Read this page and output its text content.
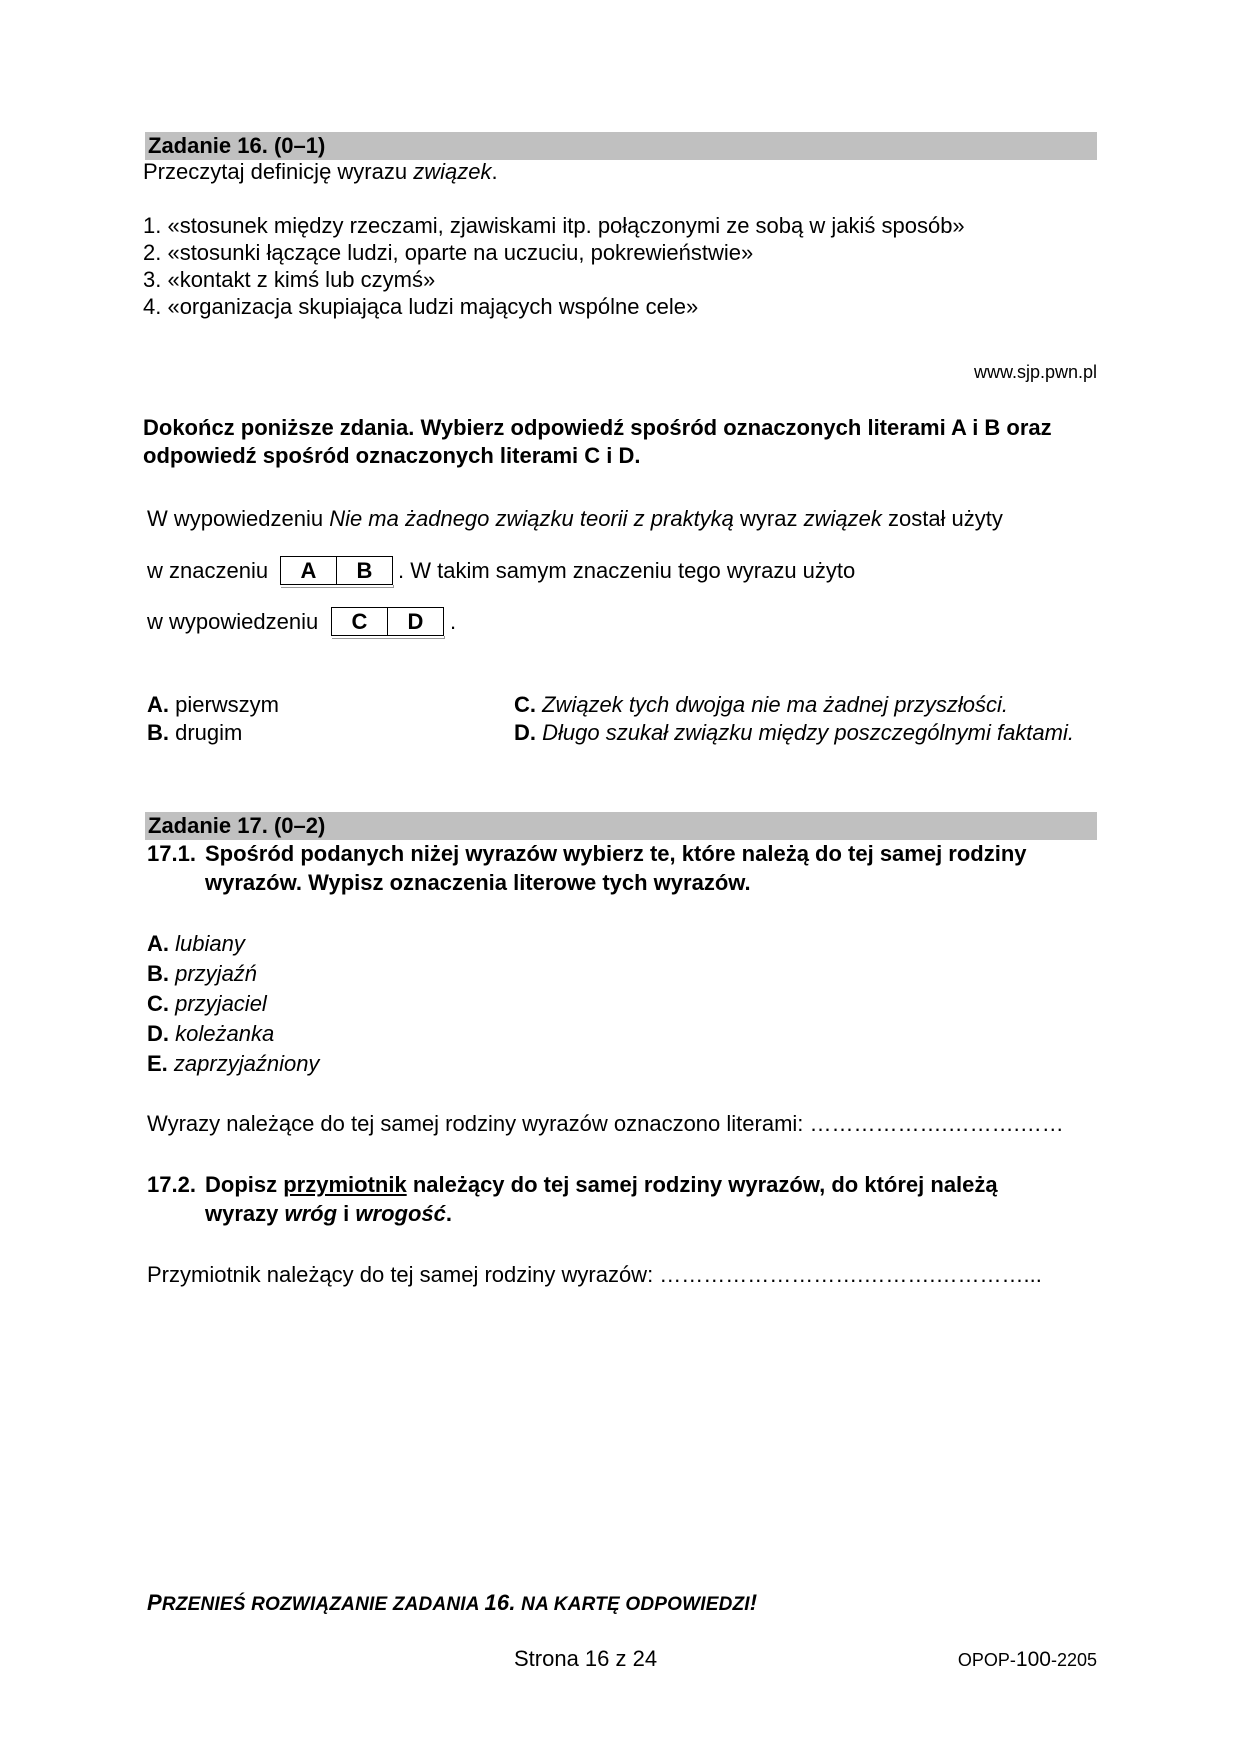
Zadanie 16. (0–1)
Przeczytaj definicję wyrazu związek.
1. «stosunek między rzeczami, zjawiskami itp. połączonymi ze sobą w jakiś sposób»
2. «stosunki łączące ludzi, oparte na uczuciu, pokrewieństwie»
3. «kontakt z kimś lub czymś»
4. «organizacja skupiająca ludzi mających wspólne cele»
www.sjp.pwn.pl
Dokończ poniższe zdania. Wybierz odpowiedź spośród oznaczonych literami A i B oraz
odpowiedź spośród oznaczonych literami C i D.
W wypowiedzeniu Nie ma żadnego związku teorii z praktyką wyraz związek został użyty
w znaczeniu	A	B	. W takim samym znaczeniu tego wyrazu użyto
w wypowiedzeniu	C	D	.
A. pierwszym
B. drugim
C. Związek tych dwojga nie ma żadnej przyszłości.
D. Długo szukał związku między poszczególnymi faktami.
Zadanie 17. (0–2)
17.1. Spośród podanych niżej wyrazów wybierz te, które należą do tej samej rodziny
wyrazów. Wypisz oznaczenia literowe tych wyrazów.
A. lubiany
B. przyjaźń
C. przyjaciel
D. koleżanka
E. zaprzyjaźniony
Wyrazy należące do tej samej rodziny wyrazów oznaczono literami: ……………….……….……
17.2. Dopisz przymiotnik należący do tej samej rodziny wyrazów, do której należą
wyrazy wróg i wrogość.
Przymiotnik należący do tej samej rodziny wyrazów: ……………………….……….…………...
PRZENIEŚ ROZWIĄZANIE ZADANIA 16. NA KARTĘ ODPOWIEDZI!
Strona 16 z 24	OPOP-100-2205
